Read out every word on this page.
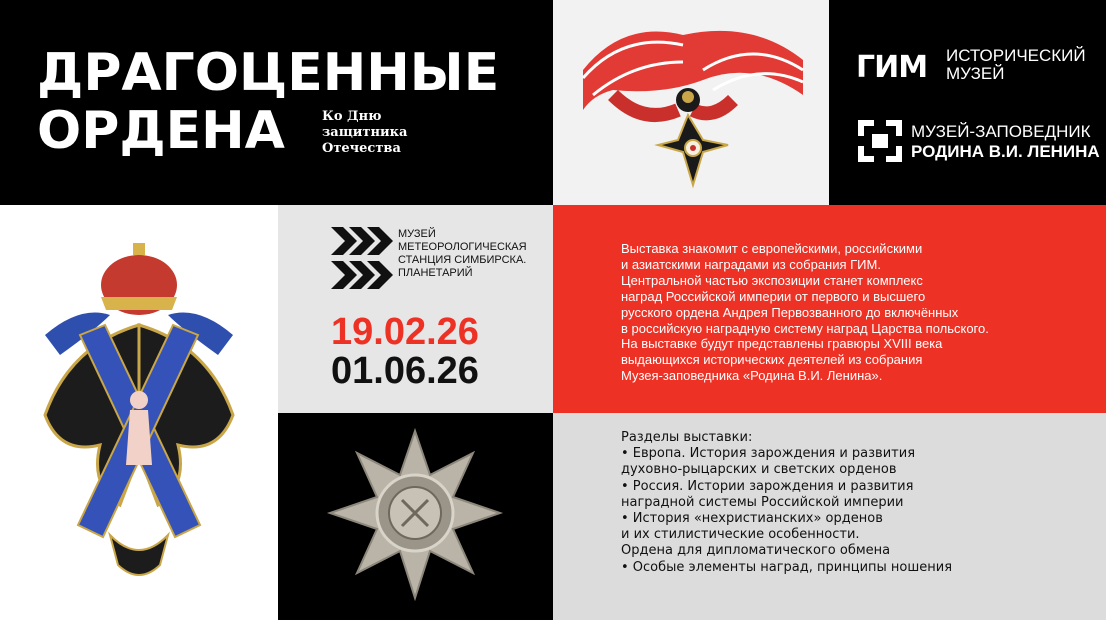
ДРАГОЦЕННЫЕ
ОРДЕНА	Ко Дню
защитника
Отечества
ГИМ ИСТОРИЧЕСКИЙ
МУЗЕЙ
МУЗЕЙ-ЗАПОВЕДНИК
РОДИНА В.И. ЛЕНИНА
МУЗЕЙ
МЕТЕОРОЛОГИЧЕСКАЯ
СТАНЦИЯ СИМБИРСКА.
ПЛАНЕТАРИЙ
19.02.26
01.06.26
Выставка знакомит с европейскими, российскими
и азиатскими наградами из собрания ГИМ.
Центральной частью экспозиции станет комплекс
наград Российской империи от первого и высшего
русского ордена Андрея Первозванного до включённых
в российскую наградную систему наград Царства польского.
На выставке будут представлены гравюры XVIII века
выдающихся исторических деятелей из собрания
Музея-заповедника «Родина В.И. Ленина».
Разделы выставки:
• Европа. История зарождения и развития
духовно-рыцарских и светских орденов
• Россия. Истории зарождения и развития
наградной системы Российской империи
• История «нехристианских» орденов
и их стилистические особенности.
Ордена для дипломатического обмена
• Особые элементы наград, принципы ношения
